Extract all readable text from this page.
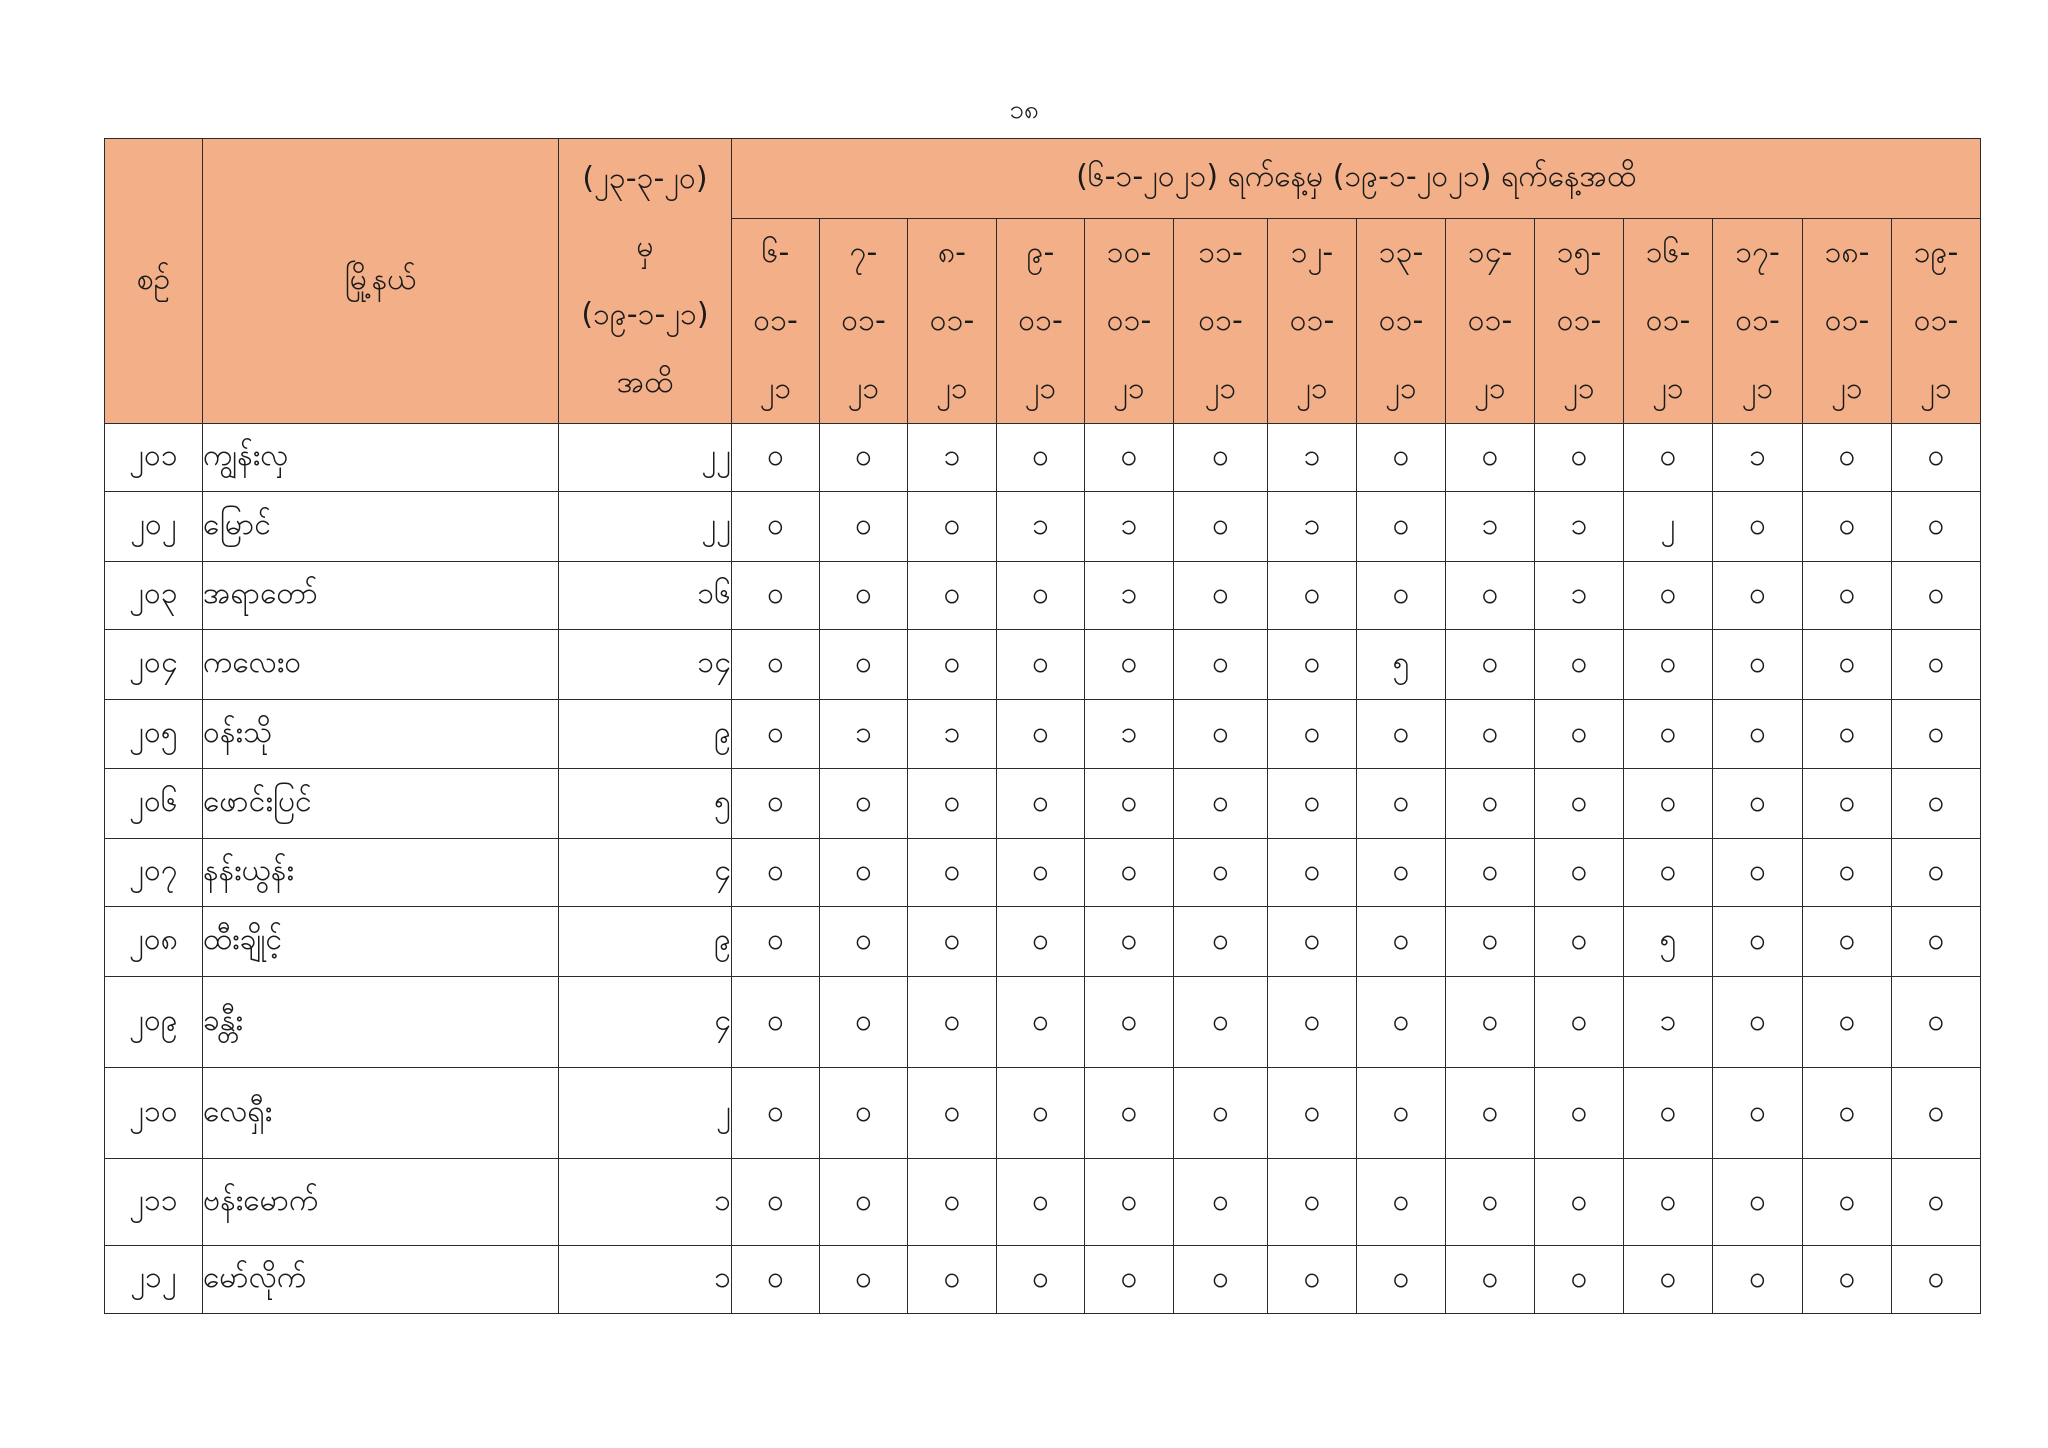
၁၈
စဉ်	မြို့နယ်	(၂၃-၃-၂၀)
မှ
(၁၉-၁-၂၁)
အထိ	(၆-၁-၂၀၂၁) ရက်နေ့မှ (၁၉-၁-၂၀၂၁) ရက်နေ့အထိ													

			၆-
၀၁-
၂၁	၇-
၀၁-
၂၁	၈-
၀၁-
၂၁	၉-
၀၁-
၂၁	၁၀-
၀၁-
၂၁	၁၁-
၀၁-
၂၁	၁၂-
၀၁-
၂၁	၁၃-
၀၁-
၂၁	၁၄-
၀၁-
၂၁	၁၅-
၀၁-
၂၁	၁၆-
၀၁-
၂၁	၁၇-
၀၁-
၂၁	၁၈-
၀၁-
၂၁	၁၉-
၀၁-
၂၁

၂၀၁	ကျွန်းလှ	၂၂	၀	၀	၁	၀	၀	၀	၁	၀	၀	၀	၀	၁	၀	၀
၂၀၂	မြောင်	၂၂	၀	၀	၀	၁	၁	၀	၁	၀	၁	၁	၂	၀	၀	၀
၂၀၃	အရာတော်	၁၆	၀	၀	၀	၀	၁	၀	၀	၀	၀	၁	၀	၀	၀	၀
၂၀၄	ကလေးဝ	၁၄	၀	၀	၀	၀	၀	၀	၀	၅	၀	၀	၀	၀	၀	၀
၂၀၅	ဝန်းသို	၉	၀	၁	၁	၀	၁	၀	၀	၀	၀	၀	၀	၀	၀	၀
၂၀၆	ဖောင်းပြင်	၅	၀	၀	၀	၀	၀	၀	၀	၀	၀	၀	၀	၀	၀	၀
၂၀၇	နန်းယွန်း	၄	၀	၀	၀	၀	၀	၀	၀	၀	၀	၀	၀	၀	၀	၀
၂၀၈	ထီးချိုင့်	၉	၀	၀	၀	၀	၀	၀	၀	၀	၀	၀	၅	၀	၀	၀
၂၀၉	ခန္တီး	၄	၀	၀	၀	၀	၀	၀	၀	၀	၀	၀	၁	၀	၀	၀
၂၁၀	လေရှီး	၂	၀	၀	၀	၀	၀	၀	၀	၀	၀	၀	၀	၀	၀	၀
၂၁၁	ဗန်းမောက်	၁	၀	၀	၀	၀	၀	၀	၀	၀	၀	၀	၀	၀	၀	၀
၂၁၂	မော်လိုက်	၁	၀	၀	၀	၀	၀	၀	၀	၀	၀	၀	၀	၀	၀	၀
